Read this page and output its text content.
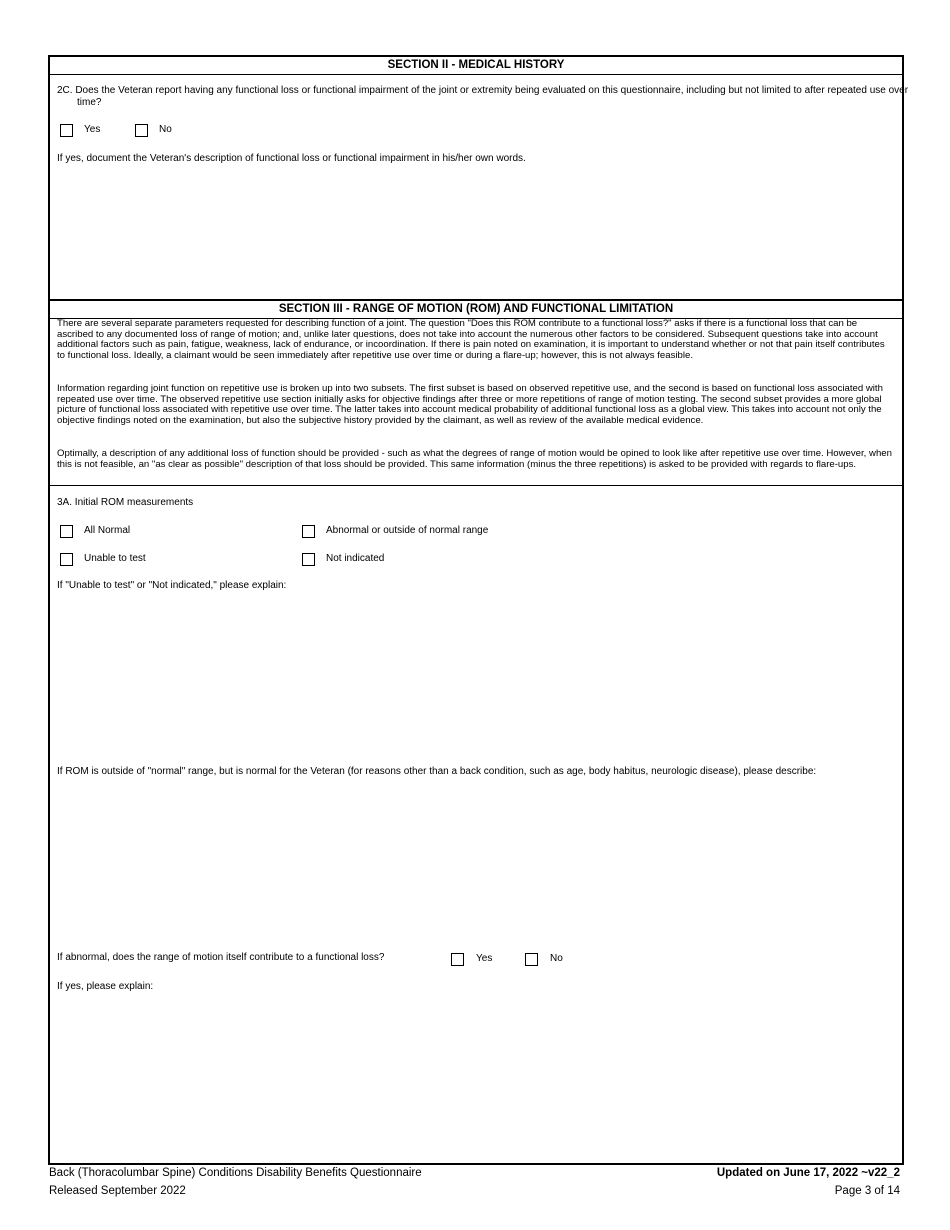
SECTION II - MEDICAL HISTORY
2C. Does the Veteran report having any functional loss or functional impairment of the joint or extremity being evaluated on this questionnaire, including but not limited to after repeated use over time?
Yes	No
If yes, document the Veteran's description of functional loss or functional impairment in his/her own words.
SECTION III - RANGE OF MOTION (ROM) AND FUNCTIONAL LIMITATION
There are several separate parameters requested for describing function of a joint. The question "Does this ROM contribute to a functional loss?" asks if there is a functional loss that can be ascribed to any documented loss of range of motion; and, unlike later questions, does not take into account the numerous other factors to be considered. Subsequent questions take into account additional factors such as pain, fatigue, weakness, lack of endurance, or incoordination. If there is pain noted on examination, it is important to understand whether or not that pain itself contributes to functional loss. Ideally, a claimant would be seen immediately after repetitive use over time or during a flare-up; however, this is not always feasible.
Information regarding joint function on repetitive use is broken up into two subsets. The first subset is based on observed repetitive use, and the second is based on functional loss associated with repeated use over time. The observed repetitive use section initially asks for objective findings after three or more repetitions of range of motion testing. The second subset provides a more global picture of functional loss associated with repetitive use over time. The latter takes into account medical probability of additional functional loss as a global view. This takes into account not only the objective findings noted on the examination, but also the subjective history provided by the claimant, as well as review of the available medical evidence.
Optimally, a description of any additional loss of function should be provided - such as what the degrees of range of motion would be opined to look like after repetitive use over time. However, when this is not feasible, an "as clear as possible" description of that loss should be provided. This same information (minus the three repetitions) is asked to be provided with regards to flare-ups.
3A. Initial ROM measurements
All Normal	Abnormal or outside of normal range
Unable to test	Not indicated
If "Unable to test" or "Not indicated," please explain:
If ROM is outside of "normal" range, but is normal for the Veteran (for reasons other than a back condition, such as age, body habitus, neurologic disease), please describe:
If abnormal, does the range of motion itself contribute to a functional loss?	Yes	No
If yes, please explain:
Back (Thoracolumbar Spine) Conditions Disability Benefits Questionnaire	Updated on June 17, 2022 ~v22_2
Released September 2022	Page 3 of 14
